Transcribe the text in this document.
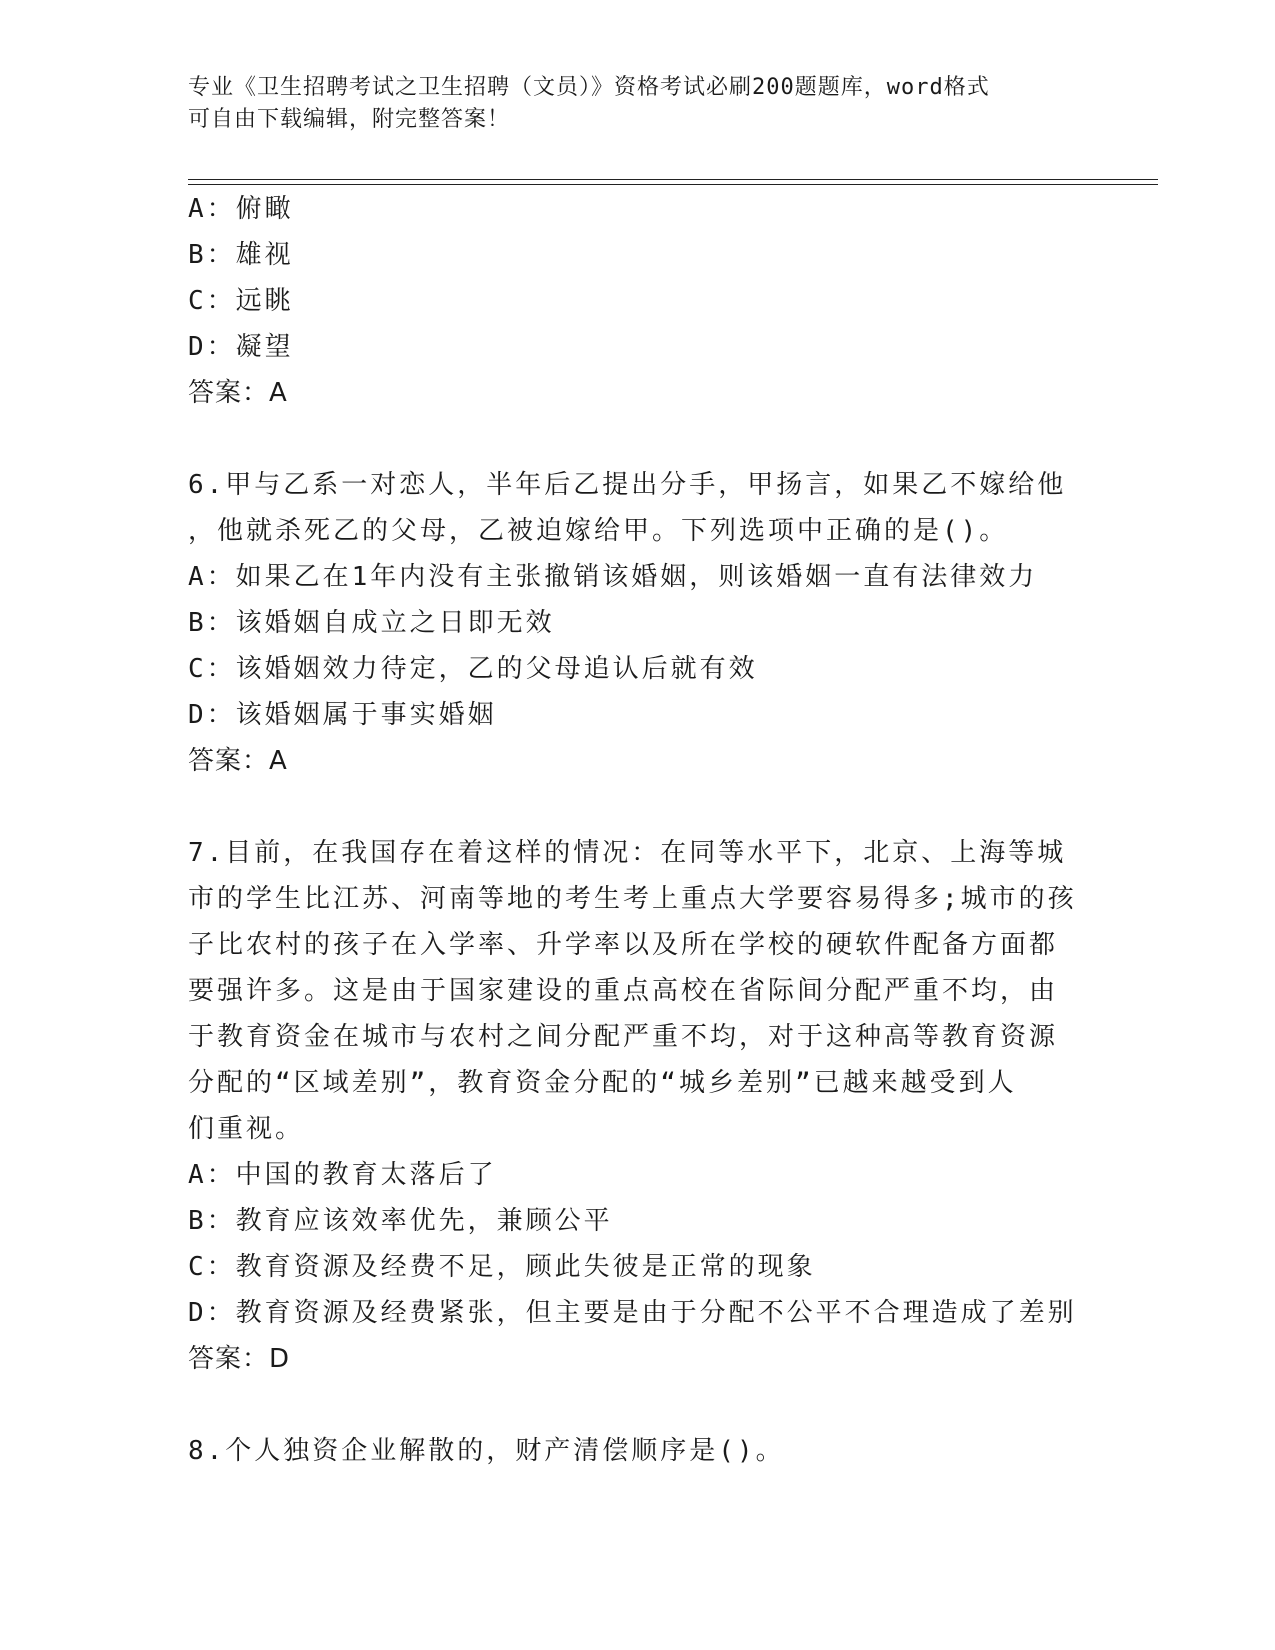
专业《卫生招聘考试之卫生招聘（文员）》资格考试必刷200题题库，word格式
可自由下载编辑，附完整答案！
A：俯瞰
B：雄视
C：远眺
D：凝望
答案：A
6.甲与乙系一对恋人，半年后乙提出分手，甲扬言，如果乙不嫁给他
，他就杀死乙的父母，乙被迫嫁给甲。下列选项中正确的是()。
A：如果乙在1年内没有主张撤销该婚姻，则该婚姻一直有法律效力
B：该婚姻自成立之日即无效
C：该婚姻效力待定，乙的父母追认后就有效
D：该婚姻属于事实婚姻
答案：A
7.目前，在我国存在着这样的情况：在同等水平下，北京、上海等城
市的学生比江苏、河南等地的考生考上重点大学要容易得多;城市的孩
子比农村的孩子在入学率、升学率以及所在学校的硬软件配备方面都
要强许多。这是由于国家建设的重点高校在省际间分配严重不均，由
于教育资金在城市与农村之间分配严重不均，对于这种高等教育资源
分配的“区域差别”，教育资金分配的“城乡差别”已越来越受到人
们重视。
A：中国的教育太落后了
B：教育应该效率优先，兼顾公平
C：教育资源及经费不足，顾此失彼是正常的现象
D：教育资源及经费紧张，但主要是由于分配不公平不合理造成了差别
答案：D
8.个人独资企业解散的，财产清偿顺序是()。
